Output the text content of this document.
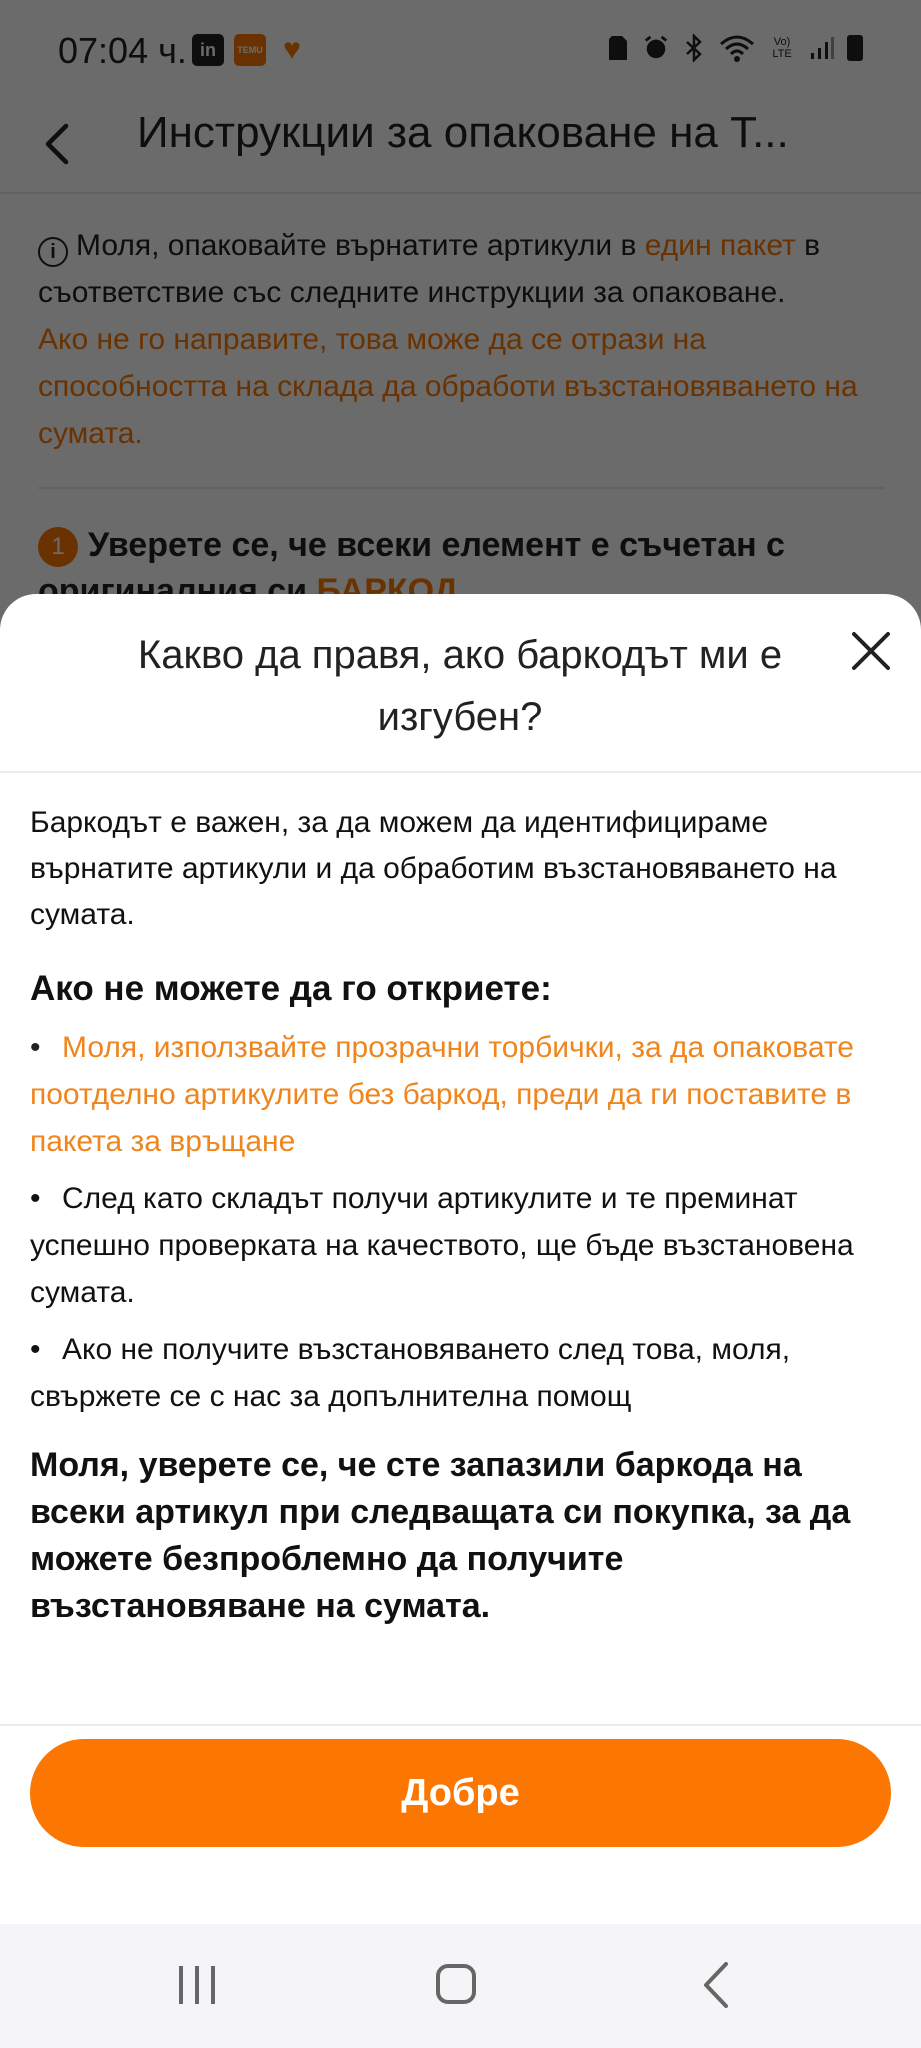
Какво да правя, ако баркодът ми е изгубен?

Баркодът е важен, за да можем да идентифицираме върнатите артикули и да обработим възстановяването на сумата.

Ако не можете да го откриете:

• Моля, използвайте прозрачни торбички, за да опаковате поотделно артикулите без баркод, преди да ги поставите в пакета за връщане

• След като складът получи артикулите и те преминат успешно проверката на качеството, ще бъде възстановена сумата.

• Ако не получите възстановяването след това, моля, свържете се с нас за допълнителна помощ

Моля, уверете се, че сте запазили баркода на всеки артикул при следващата си покупка, за да можете безпроблемно да получите възстановяване на сумата.

Добре
